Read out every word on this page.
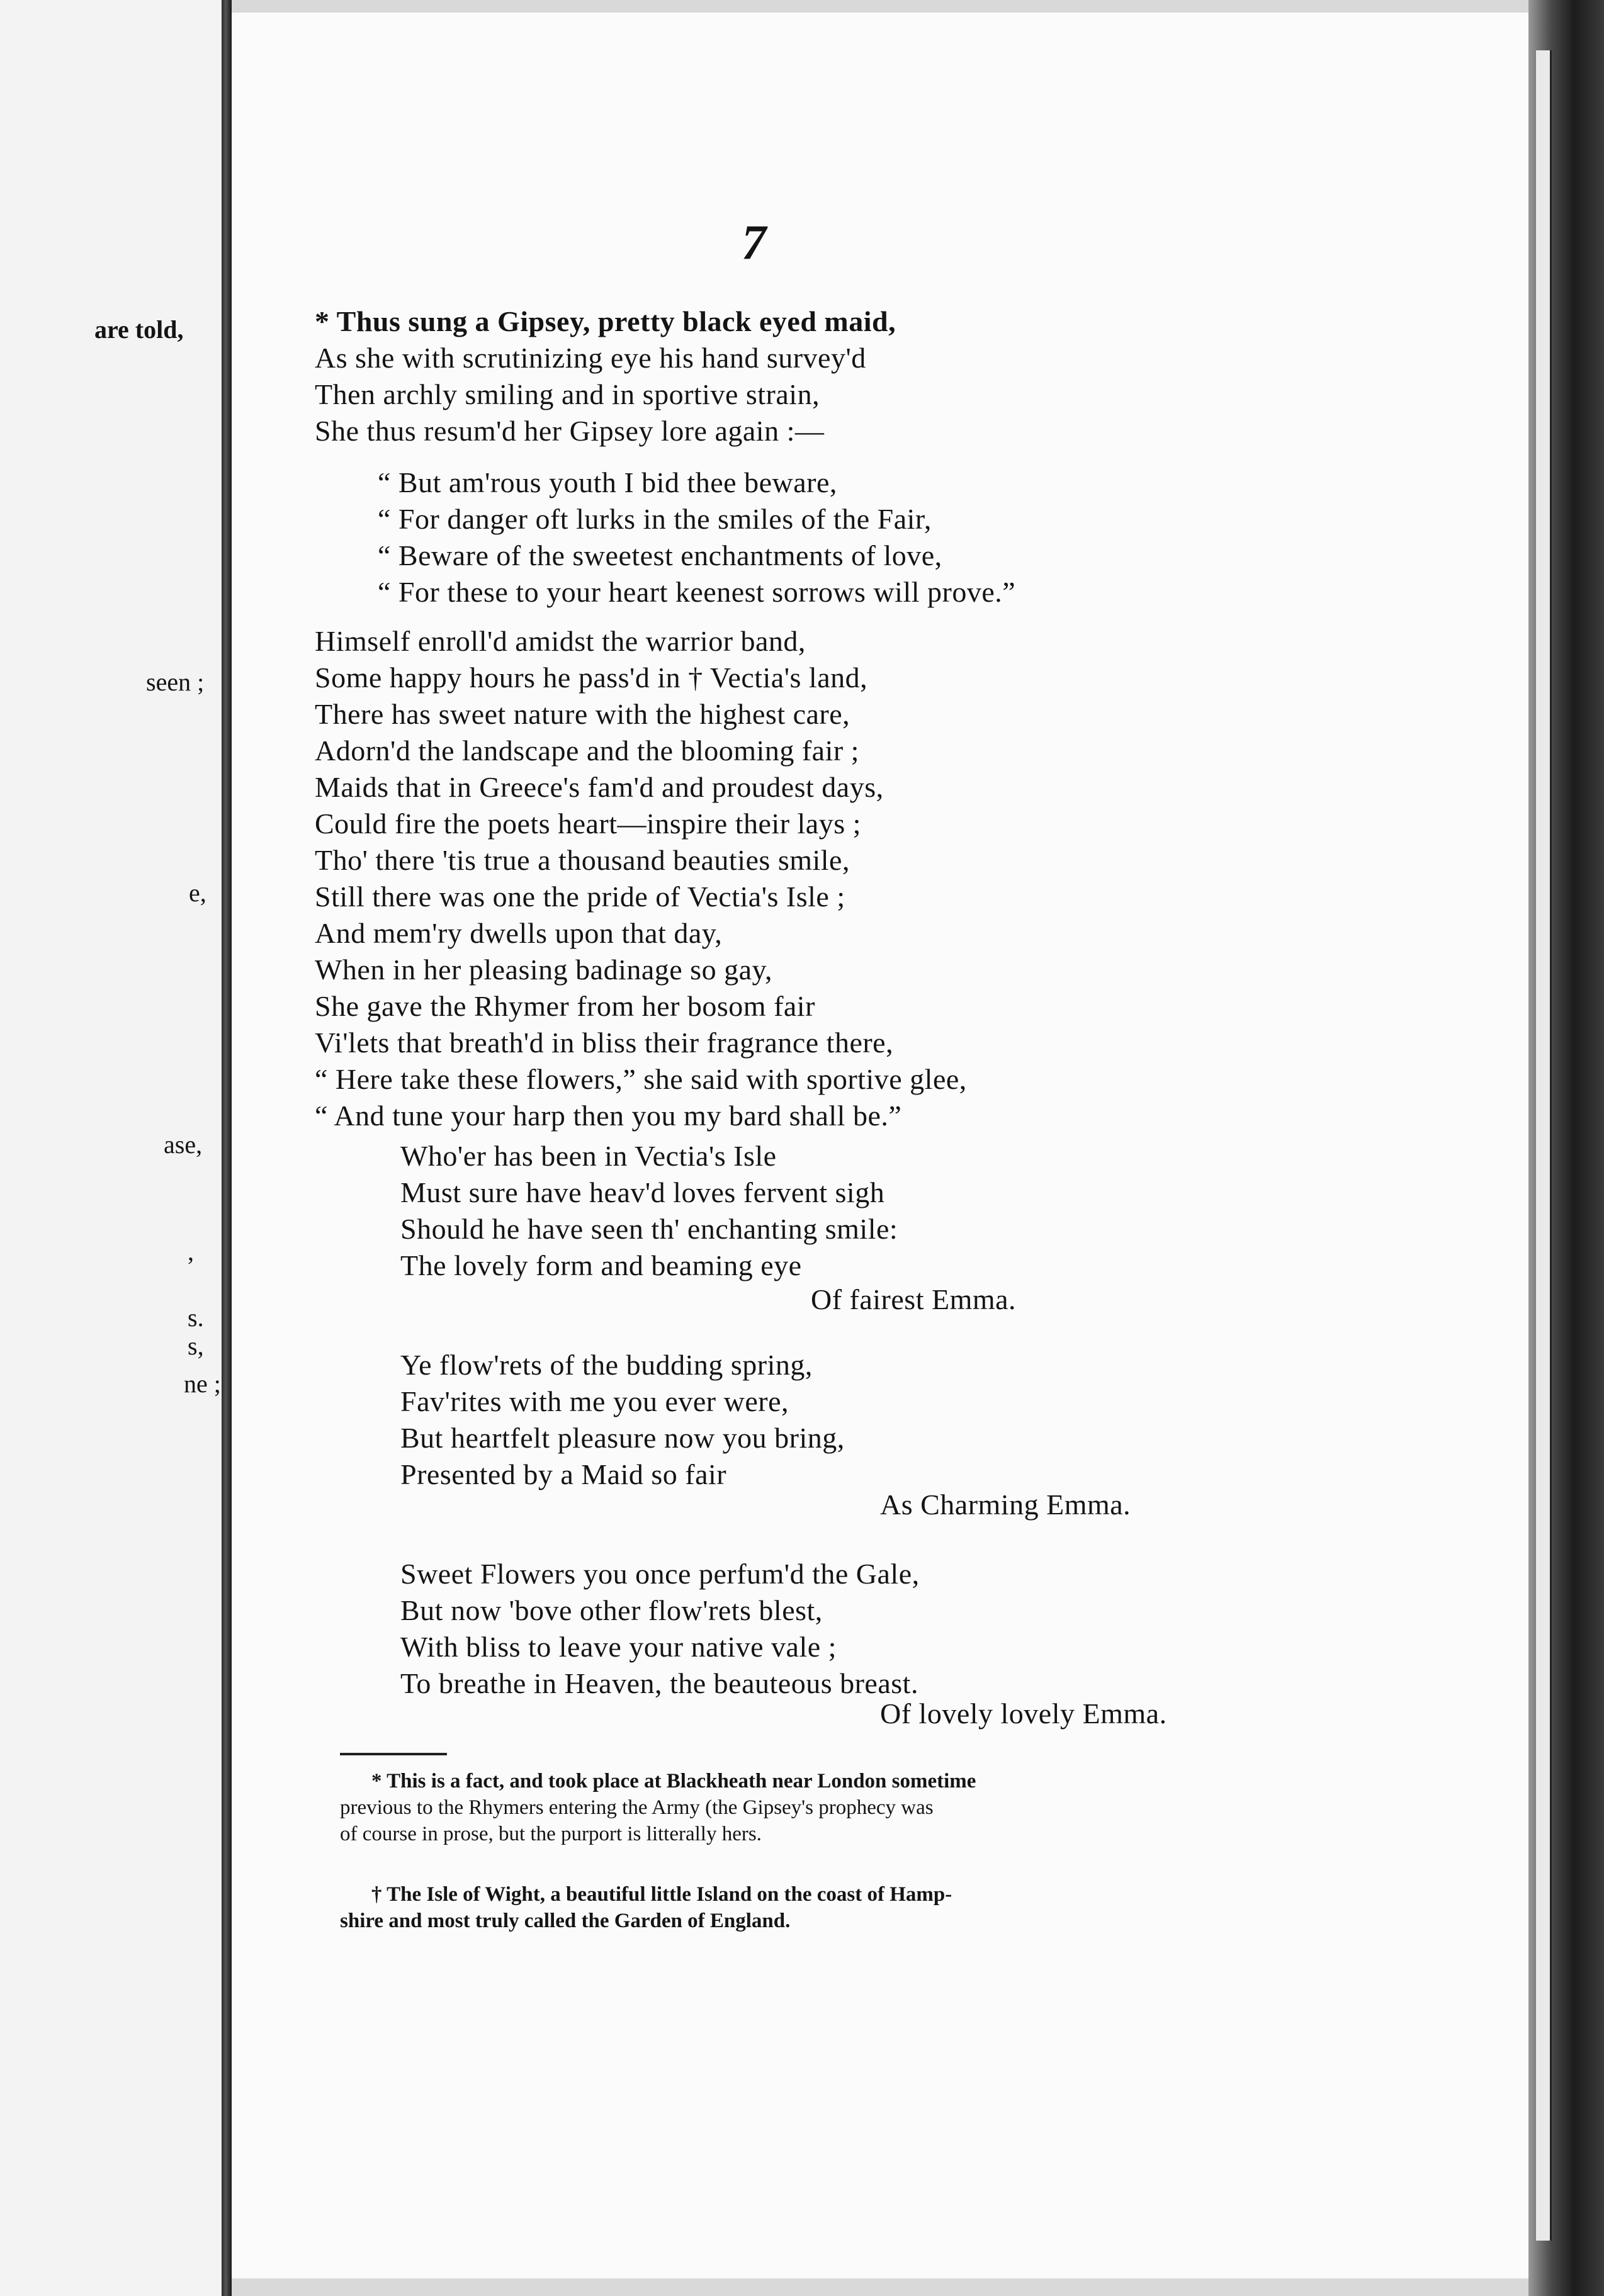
are told,
seen ;
e,
ase,
,
s.
s,
ne ;
7
* Thus sung a Gipsey, pretty black eyed maid,
As she with scrutinizing eye his hand survey'd
Then archly smiling and in sportive strain,
She thus resum'd her Gipsey lore again :—
“ But am'rous youth I bid thee beware,
“ For danger oft lurks in the smiles of the Fair,
“ Beware of the sweetest enchantments of love,
“ For these to your heart keenest sorrows will prove.”
Himself enroll'd amidst the warrior band,
Some happy hours he pass'd in † Vectia's land,
There has sweet nature with the highest care,
Adorn'd the landscape and the blooming fair ;
Maids that in Greece's fam'd and proudest days,
Could fire the poets heart—inspire their lays ;
Tho' there 'tis true a thousand beauties smile,
Still there was one the pride of Vectia's Isle ;
And mem'ry dwells upon that day,
When in her pleasing badinage so gay,
She gave the Rhymer from her bosom fair
Vi'lets that breath'd in bliss their fragrance there,
“ Here take these flowers,” she said with sportive glee,
“ And tune your harp then you my bard shall be.”
Who'er has been in Vectia's Isle
Must sure have heav'd loves fervent sigh
Should he have seen th' enchanting smile:
The lovely form and beaming eye
Of fairest Emma.
Ye flow'rets of the budding spring,
Fav'rites with me you ever were,
But heartfelt pleasure now you bring,
Presented by a Maid so fair
As Charming Emma.
Sweet Flowers you once perfum'd the Gale,
But now 'bove other flow'rets blest,
With bliss to leave your native vale ;
To breathe in Heaven, the beauteous breast.
Of lovely lovely Emma.
* This is a fact, and took place at Blackheath near London sometime
previous to the Rhymers entering the Army (the Gipsey's prophecy was
of course in prose, but the purport is litterally hers.
† The Isle of Wight, a beautiful little Island on the coast of Hamp-
shire and most truly called the Garden of England.
